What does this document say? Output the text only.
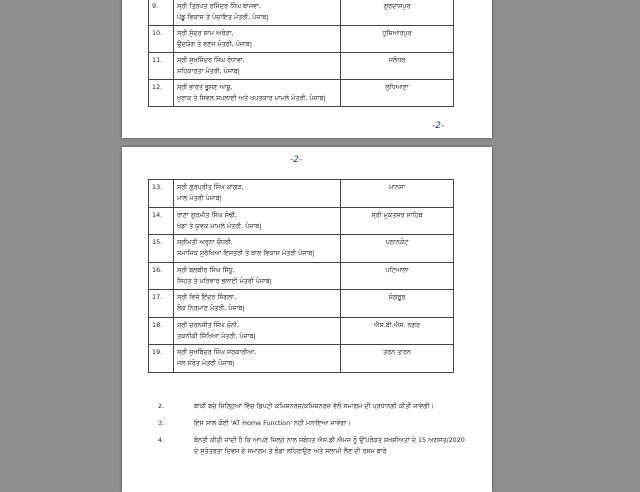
9.	ਸ੍ਰੀ ਤ੍ਰਿਪਤ ਰਜਿੰਦਰ ਸਿੰਘ ਬਾਜਵਾ,
ਪੇਂਡੂ ਵਿਕਾਸ ਤੇ ਪੰਚਾਇਤ ਮੰਤਰੀ, ਪੰਜਾਬ|	ਗੁਰਦਾਸਪੁਰ
10.	ਸ੍ਰੀ ਸੁੰਦਰ ਸ਼ਾਮ ਅਰੋੜਾ,
ਉਦਯੋਗ ਤੇ ਵਣਜ ਮੰਤਰੀ, ਪੰਜਾਬ|	ਹੁਸ਼ਿਆਰਪੁਰ
11.	ਸ੍ਰੀ ਸੁਖਜਿੰਦਰ ਸਿੰਘ ਰੰਧਾਵਾ,
ਸਹਿਕਾਰਤਾ ਮੰਤਰੀ, ਪੰਜਾਬ|	ਜਲੰਧਰ
12.	ਸ੍ਰੀ ਭਾਰਤ ਭੂਸ਼ਣ ਆਸ਼ੂ,
ਖੁਰਾਕ ਤੇ ਸਿਵਲ ਸਪਲਾਈ ਅਤੇ ਖਪਤਕਾਰ ਮਾਮਲੇ ਮੰਤਰੀ, ਪੰਜਾਬ|	ਲੁਧਿਆਣਾ
-2-
-2-
13.	ਸ੍ਰੀ ਗੁਰਪ੍ਰੀਤ ਸਿੰਘ ਕਾਂਗੜ,
ਮਾਲ ਮੰਤਰੀ ਪੰਜਾਬ|	ਮਾਨਸਾ
14.	ਰਾਣਾ ਗੁਰਮੀਤ ਸਿੰਘ ਸੋਢੀ,
ਖੇਡਾਂ ਤੇ ਯੁਵਕ ਮਾਮਲੇ ਮੰਤਰੀ, ਪੰਜਾਬ|	ਸ੍ਰੀ ਮੁਕਤਸਰ ਸਾਹਿਬ
15.	ਸ੍ਰੀਮਤੀ ਅਰੁਨਾ ਚੌਧਰੀ,
ਸਮਾਜਿਕ ਸੁਰੱਖਿਆ ਇਸਤਰੀ ਤੇ ਬਾਲ ਵਿਕਾਸ ਮੰਤਰੀ ਪੰਜਾਬ|	ਪਠਾਨਕੋਟ
16.	ਸ੍ਰੀ ਬਲਬੀਰ ਸਿੰਘ ਸਿੱਧੂ,
ਸਿਹਤ ਤੇ ਪਰਿਵਾਰ ਭਲਾਈ ਮੰਤਰੀ ਪੰਜਾਬ|	ਪਟਿਆਲਾ
17.	ਸ੍ਰੀ ਵਿਜੇ ਇੰਦਰ ਸਿੰਗਲਾ,
ਲੋਕ ਨਿਰਮਾਣ ਮੰਤਰੀ, ਪੰਜਾਬ|	ਸੰਗਰੂਰ
18.	ਸ੍ਰੀ ਚਰਨਜੀਤ ਸਿੰਘ ਚੰਨੀ,
ਤਕਨੀਕੀ ਸਿੱਖਿਆ ਮੰਤਰੀ, ਪੰਜਾਬ|	ਐਸ.ਬੀ.ਐਸ. ਨਗਰ
19.	ਸ੍ਰੀ ਸੁਖਬਿੰਦਰ ਸਿੰਘ ਸਰਕਾਰੀਆ,
ਜਲ ਸਰੋਤ ਮੰਤਰੀ ਪੰਜਾਬ|	ਤਰਨ ਤਾਰਨ
2.	ਬਾਕੀ ਬਚੇ ਜ਼ਿਲ੍ਹਿਆਂ ਵਿੱਚ ਡਿਪਟੀ ਕਮਿਸ਼ਨਰਜ਼/ਕਮਿਸ਼ਨਰਜ਼ ਵੱਲੋਂ ਸਮਾਗਮ ਦੀ ਪ੍ਰਧਾਨਗੀ ਕੀਤੀ ਜਾਵੇਗੀ।
3.	ਇਸ ਸਾਲ ਕੋਈ 'AT Home Function' ਨਹੀਂ ਮਨਾਇਆ ਜਾਵੇਗਾ।
4.	ਬੇਨਤੀ ਕੀਤੀ ਜਾਂਦੀ ਹੈ ਕਿ ਆਪਣੇ ਜ਼ਿਲ੍ਹੇ ਨਾਲ ਸਬੰਧਤ ਐਸ.ਡੀ.ਐਮਜ਼ ਨੂੰ ਉੱਪਰੋਕਤ ਸਖਸ਼ੀਅਤਾਂ ਦੇ 15 ਅਗਸਤ/2020 ਦੇ ਸੁਤੰਤਰਤਾ ਦਿਵਸ ਦੇ ਸਮਾਗਮ ਤੇ ਝੰਡਾ ਲਹਿਰਾਉਣ ਅਤੇ ਸਲਾਮੀ ਲੈਣ ਦੀ ਰਸਮ ਬਾਰੇ
